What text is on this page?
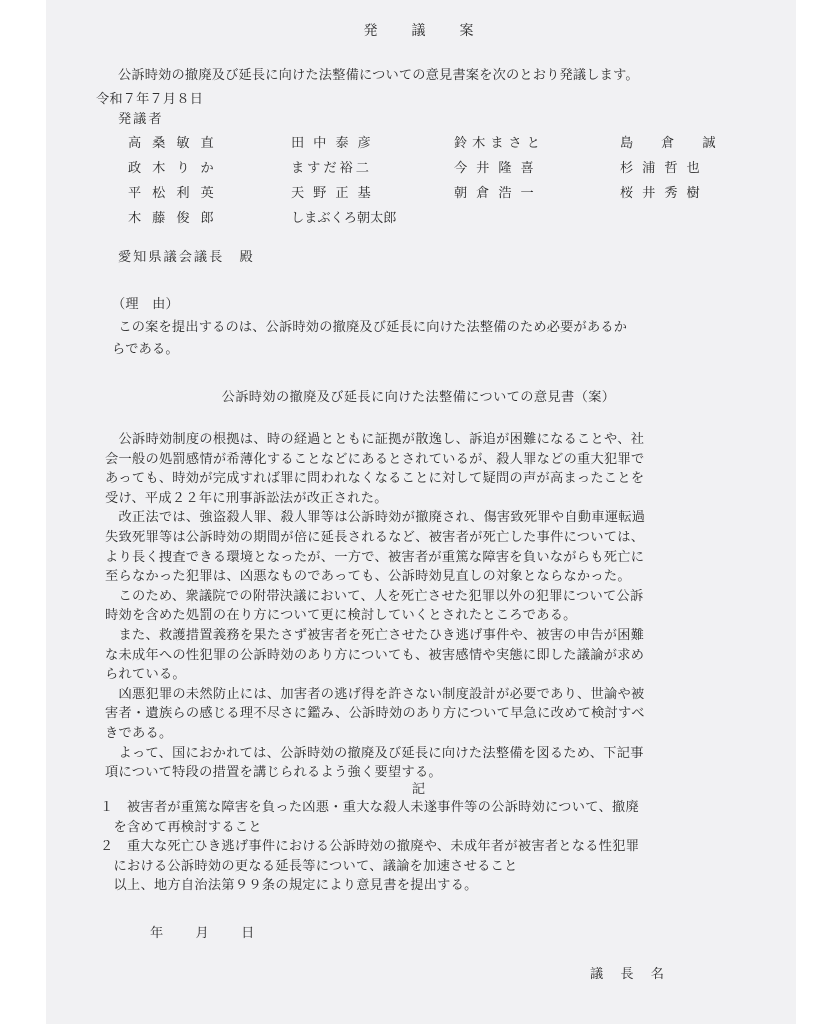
発議案
公訴時効の撤廃及び延長に向けた法整備についての意見書案を次のとおり発議します。
令和７年７月８日
発議者
高桑敏直	田中泰彦	鈴木まさと	島倉誠
政木りか	ますだ裕二	今井隆喜	杉浦哲也
平松利英	天野正基	朝倉浩一	桜井秀樹
木藤俊郎	しまぶくろ朝太郎
愛知県議会議長　殿
（理　由）
　この案を提出するのは、公訴時効の撤廃及び延長に向けた法整備のため必要があるか
らである。
公訴時効の撤廃及び延長に向けた法整備についての意見書（案）
　公訴時効制度の根拠は、時の経過とともに証拠が散逸し、訴追が困難になることや、社
会一般の処罰感情が希薄化することなどにあるとされているが、殺人罪などの重大犯罪で
あっても、時効が完成すれば罪に問われなくなることに対して疑問の声が高まったことを
受け、平成２２年に刑事訴訟法が改正された。
　改正法では、強盗殺人罪、殺人罪等は公訴時効が撤廃され、傷害致死罪や自動車運転過
失致死罪等は公訴時効の期間が倍に延長されるなど、被害者が死亡した事件については、
より長く捜査できる環境となったが、一方で、被害者が重篤な障害を負いながらも死亡に
至らなかった犯罪は、凶悪なものであっても、公訴時効見直しの対象とならなかった。
　このため、衆議院での附帯決議において、人を死亡させた犯罪以外の犯罪について公訴
時効を含めた処罰の在り方について更に検討していくとされたところである。
　また、救護措置義務を果たさず被害者を死亡させたひき逃げ事件や、被害の申告が困難
な未成年への性犯罪の公訴時効のあり方についても、被害感情や実態に即した議論が求め
られている。
　凶悪犯罪の未然防止には、加害者の逃げ得を許さない制度設計が必要であり、世論や被
害者・遺族らの感じる理不尽さに鑑み、公訴時効のあり方について早急に改めて検討すべ
きである。
　よって、国におかれては、公訴時効の撤廃及び延長に向けた法整備を図るため、下記事
項について特段の措置を講じられるよう強く要望する。
記
１　被害者が重篤な障害を負った凶悪・重大な殺人未遂事件等の公訴時効について、撤廃
　を含めて再検討すること
２　重大な死亡ひき逃げ事件における公訴時効の撤廃や、未成年者が被害者となる性犯罪
　における公訴時効の更なる延長等について、議論を加速させること
　以上、地方自治法第９９条の規定により意見書を提出する。
年　　月　　日
議　長　名
